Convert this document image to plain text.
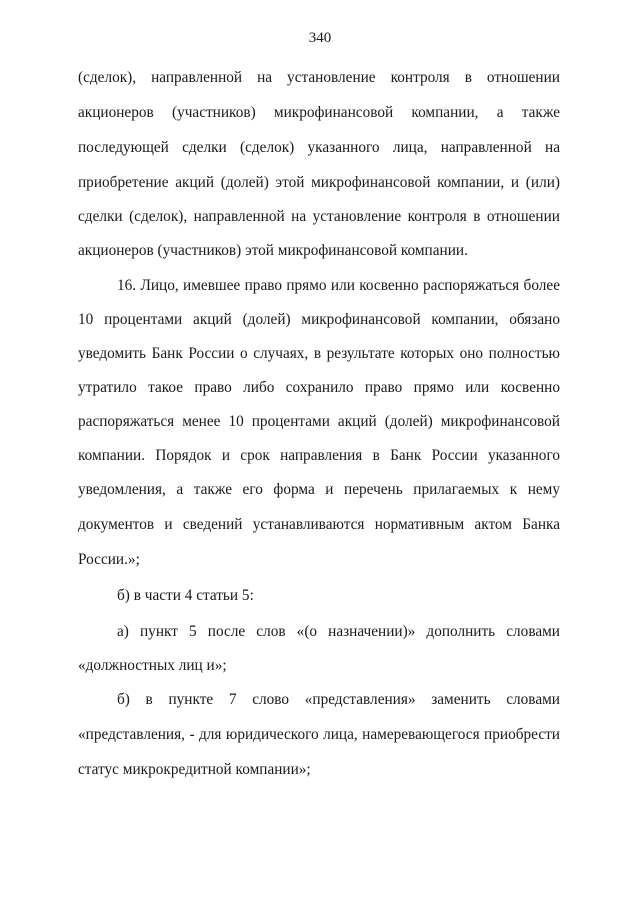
340
(сделок), направленной на установление контроля в отношении
акционеров (участников) микрофинансовой компании, а также
последующей сделки (сделок) указанного лица, направленной на
приобретение акций (долей) этой микрофинансовой компании, и (или)
сделки (сделок), направленной на установление контроля в отношении
акционеров (участников) этой микрофинансовой компании.
16. Лицо, имевшее право прямо или косвенно распоряжаться более
10 процентами акций (долей) микрофинансовой компании, обязано
уведомить Банк России о случаях, в результате которых оно полностью
утратило такое право либо сохранило право прямо или косвенно
распоряжаться менее 10 процентами акций (долей) микрофинансовой
компании. Порядок и срок направления в Банк России указанного
уведомления, а также его форма и перечень прилагаемых к нему
документов и сведений устанавливаются нормативным актом Банка
России.»;
б) в части 4 статьи 5:
а) пункт 5 после слов «(о назначении)» дополнить словами
«должностных лиц и»;
б) в пункте 7 слово «представления» заменить словами
«представления, - для юридического лица, намеревающегося приобрести
статус микрокредитной компании»;
